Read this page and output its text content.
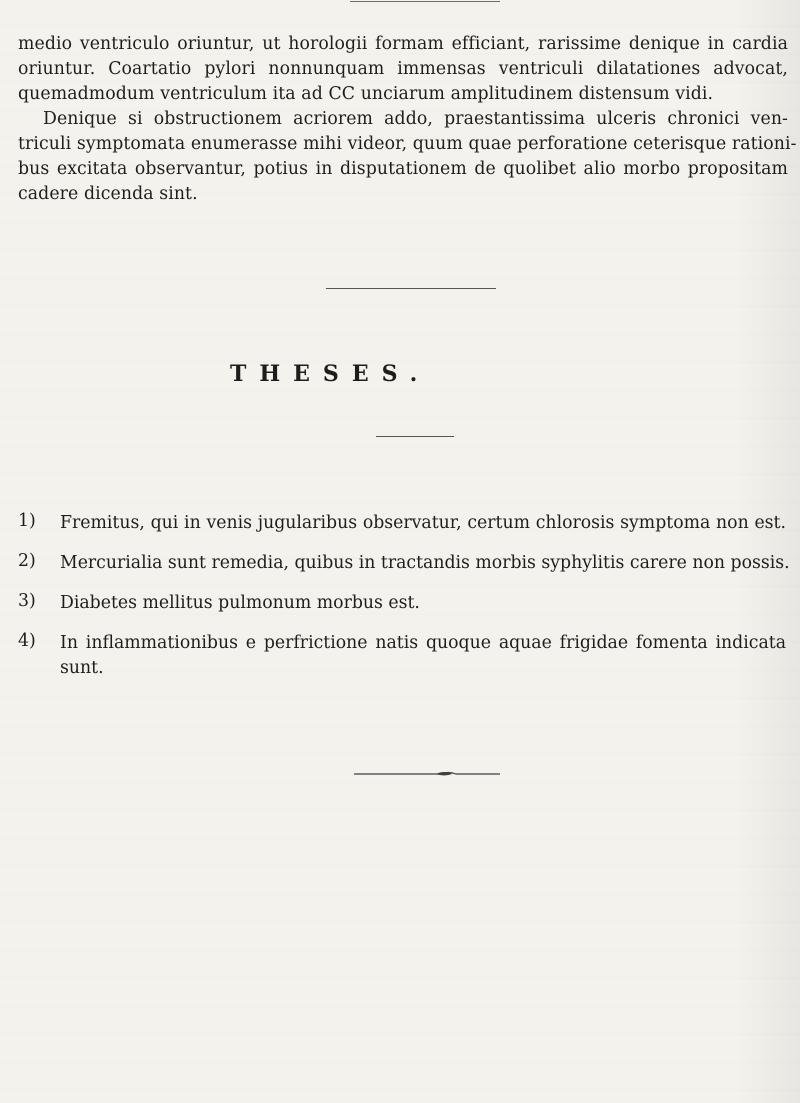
medio ventriculo oriuntur, ut horologii formam efficiant, rarissime denique in cardia
oriuntur. Coartatio pylori nonnunquam immensas ventriculi dilatationes advocat,
quemadmodum ventriculum ita ad CC unciarum amplitudinem distensum vidi.
Denique si obstructionem acriorem addo, praestantissima ulceris chronici ven-
triculi symptomata enumerasse mihi videor, quum quae perforatione ceterisque rationi-
bus excitata observantur, potius in disputationem de quolibet alio morbo propositam
cadere dicenda sint.
THESES.
1)	Fremitus, qui in venis jugularibus observatur, certum chlorosis symptoma non est.
2)	Mercurialia sunt remedia, quibus in tractandis morbis syphylitis carere non possis.
3)	Diabetes mellitus pulmonum morbus est.
4)	In inflammationibus e perfrictione natis quoque aquae frigidae fomenta indicata
sunt.
